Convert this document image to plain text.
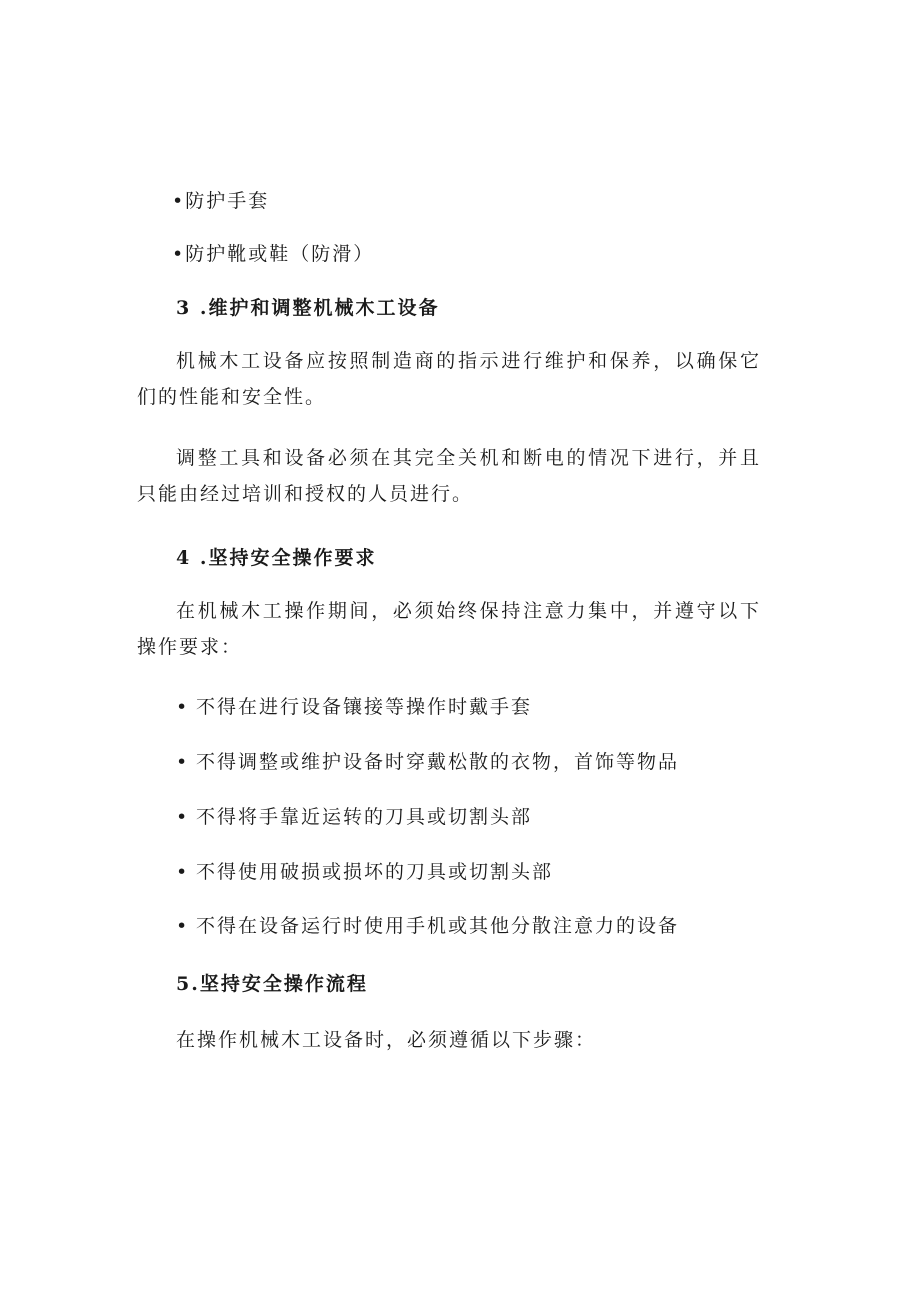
•防护手套
•防护靴或鞋（防滑）
3 .维护和调整机械木工设备

机械木工设备应按照制造商的指示进行维护和保养，以确保它们的性能和安全性。

调整工具和设备必须在其完全关机和断电的情况下进行，并且只能由经过培训和授权的人员进行。

4 .坚持安全操作要求

在机械木工操作期间，必须始终保持注意力集中，并遵守以下操作要求：

• 不得在进行设备镶接等操作时戴手套
• 不得调整或维护设备时穿戴松散的衣物，首饰等物品
• 不得将手靠近运转的刀具或切割头部
• 不得使用破损或损坏的刀具或切割头部
• 不得在设备运行时使用手机或其他分散注意力的设备
5.坚持安全操作流程
在操作机械木工设备时，必须遵循以下步骤：
